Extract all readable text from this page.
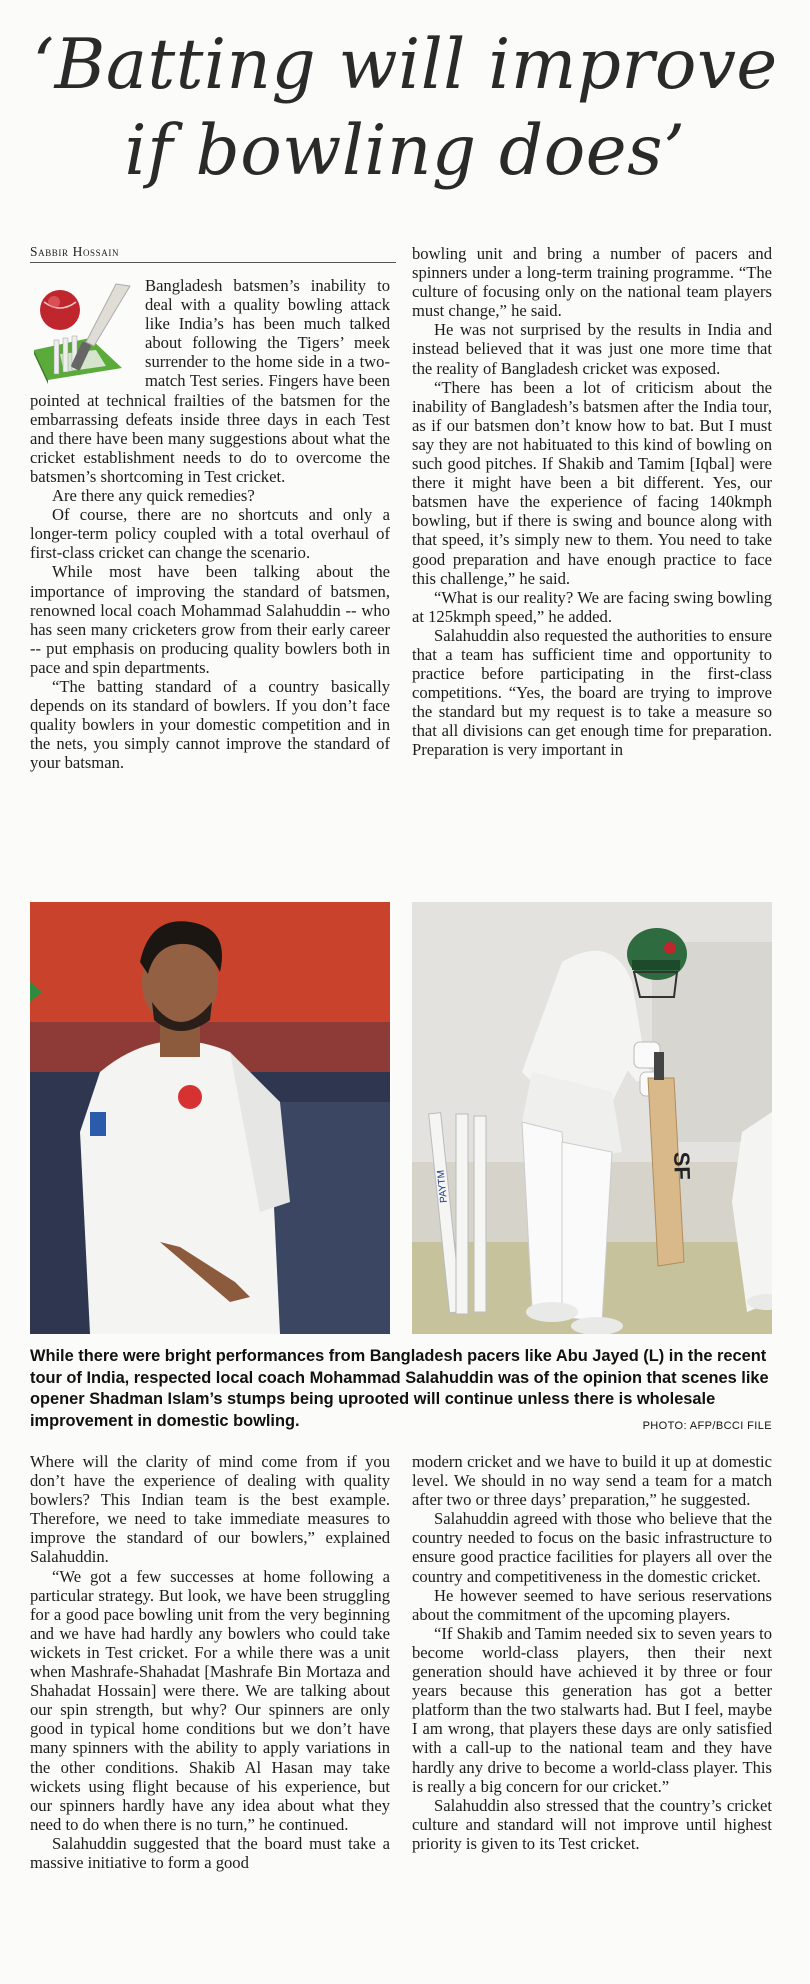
‘Batting will improve
if bowling does’
Sabbir Hossain

Bangladesh batsmen’s inability to deal with a quality bowling attack like India’s has been much talked about following the Tigers’ meek surrender to the home side in a two-match Test series. Fingers have been pointed at technical frailties of the batsmen for the embarrassing defeats inside three days in each Test and there have been many suggestions about what the cricket establishment needs to do to overcome the batsmen’s shortcoming in Test cricket.

Are there any quick remedies?

Of course, there are no shortcuts and only a longer-term policy coupled with a total overhaul of first-class cricket can change the scenario.

While most have been talking about the importance of improving the standard of batsmen, renowned local coach Mohammad Salahuddin -- who has seen many cricketers grow from their early career -- put emphasis on producing quality bowlers both in pace and spin departments.

“The batting standard of a country basically depends on its standard of bowlers. If you don’t face quality bowlers in your domestic competition and in the nets, you simply cannot improve the standard of your batsman.

bowling unit and bring a number of pacers and spinners under a long-term training programme. “The culture of focusing only on the national team players must change,” he said.

He was not surprised by the results in India and instead believed that it was just one more time that the reality of Bangladesh cricket was exposed.

“There has been a lot of criticism about the inability of Bangladesh’s batsmen after the India tour, as if our batsmen don’t know how to bat. But I must say they are not habituated to this kind of bowling on such good pitches. If Shakib and Tamim [Iqbal] were there it might have been a bit different. Yes, our batsmen have the experience of facing 140kmph bowling, but if there is swing and bounce along with that speed, it’s simply new to them. You need to take good preparation and have enough practice to face this challenge,” he said.

“What is our reality? We are facing swing bowling at 125kmph speed,” he added.

Salahuddin also requested the authorities to ensure that a team has sufficient time and opportunity to practice before participating in the first-class competitions. “Yes, the board are trying to improve the standard but my request is to take a measure so that all divisions can get enough time for preparation. Preparation is very important in

PAYTM
SF
While there were bright performances from Bangladesh pacers like Abu Jayed (L) in the recent tour of India, respected local coach Mohammad Salahuddin was of the opinion that scenes like opener Shadman Islam’s stumps being uprooted will continue unless there is wholesale improvement in domestic bowling.	PHOTO: AFP/BCCI FILE

Where will the clarity of mind come from if you don’t have the experience of dealing with quality bowlers? This Indian team is the best example. Therefore, we need to take immediate measures to improve the standard of our bowlers,” explained Salahuddin.

“We got a few successes at home following a particular strategy. But look, we have been struggling for a good pace bowling unit from the very beginning and we have had hardly any bowlers who could take wickets in Test cricket. For a while there was a unit when Mashrafe-Shahadat [Mashrafe Bin Mortaza and Shahadat Hossain] were there. We are talking about our spin strength, but why? Our spinners are only good in typical home conditions but we don’t have many spinners with the ability to apply variations in the other conditions. Shakib Al Hasan may take wickets using flight because of his experience, but our spinners hardly have any idea about what they need to do when there is no turn,” he continued.

Salahuddin suggested that the board must take a massive initiative to form a good

modern cricket and we have to build it up at domestic level. We should in no way send a team for a match after two or three days’ preparation,” he suggested.

Salahuddin agreed with those who believe that the country needed to focus on the basic infrastructure to ensure good practice facilities for players all over the country and competitiveness in the domestic cricket.

He however seemed to have serious reservations about the commitment of the upcoming players.

“If Shakib and Tamim needed six to seven years to become world-class players, then their next generation should have achieved it by three or four years because this generation has got a better platform than the two stalwarts had. But I feel, maybe I am wrong, that players these days are only satisfied with a call-up to the national team and they have hardly any drive to become a world-class player. This is really a big concern for our cricket.”

Salahuddin also stressed that the country’s cricket culture and standard will not improve until highest priority is given to its Test cricket.
